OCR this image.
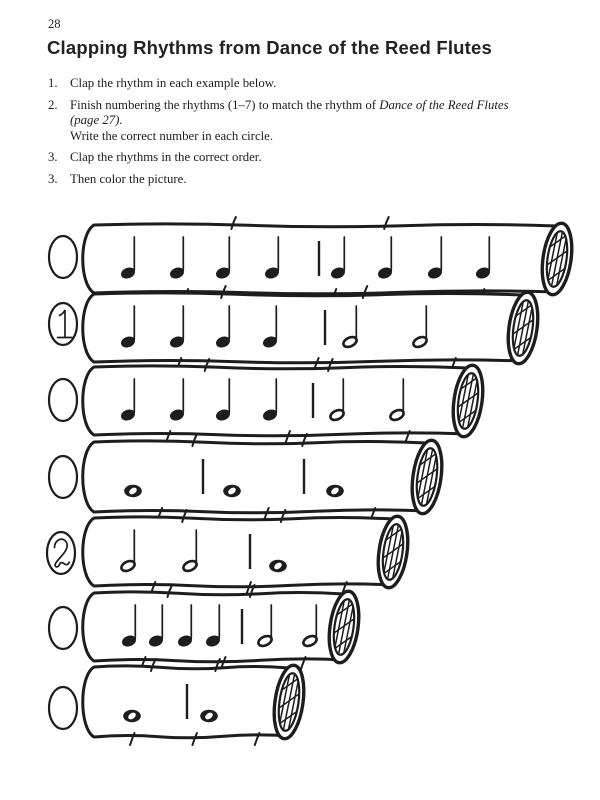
28
Clapping Rhythms from Dance of the Reed Flutes
1. Clap the rhythm in each example below.
2. Finish numbering the rhythms (1–7) to match the rhythm of Dance of the Reed Flutes (page 27).
Write the correct number in each circle.
3. Clap the rhythms in the correct order.
3. Then color the picture.
